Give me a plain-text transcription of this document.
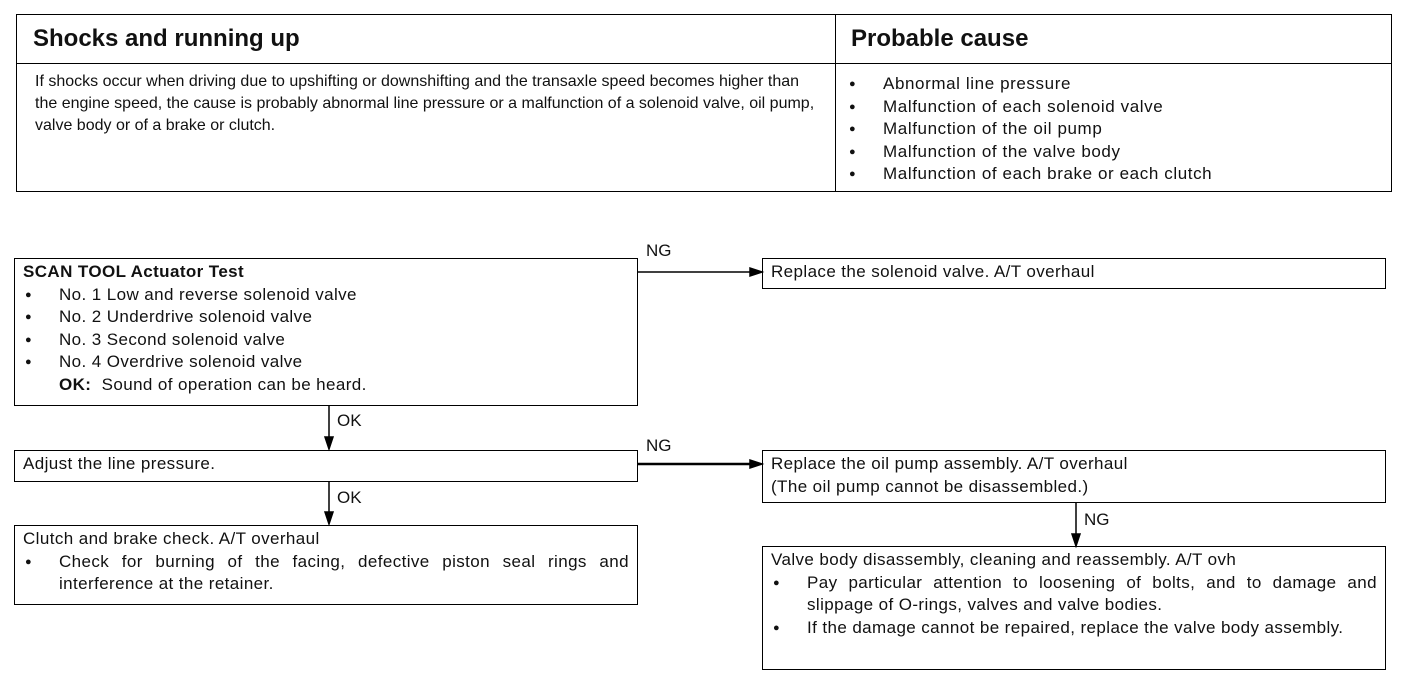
Shocks and running up	Probable cause
If shocks occur when driving due to upshifting or downshifting and the transaxle speed becomes higher than the engine speed, the cause is probably abnormal line pressure or a malfunction of a solenoid valve, oil pump, valve body or of a brake or clutch.
● Abnormal line pressure
● Malfunction of each solenoid valve
● Malfunction of the oil pump
● Malfunction of the valve body
● Malfunction of each brake or each clutch
NG
OK
NG
OK
NG
SCAN TOOL Actuator Test
● No. 1 Low and reverse solenoid valve
● No. 2 Underdrive solenoid valve
● No. 3 Second solenoid valve
● No. 4 Overdrive solenoid valve
OK: Sound of operation can be heard.
Replace the solenoid valve. A/T overhaul
Adjust the line pressure.	Replace the oil pump assembly. A/T overhaul
(The oil pump cannot be disassembled.)
Clutch and brake check. A/T overhaul
● Check for burning of the facing, defective piston seal rings and interference at the retainer.
Valve body disassembly, cleaning and reassembly. A/T ovh
● Pay particular attention to loosening of bolts, and to damage and slippage of O-rings, valves and valve bodies.
● If the damage cannot be repaired, replace the valve body assembly.
